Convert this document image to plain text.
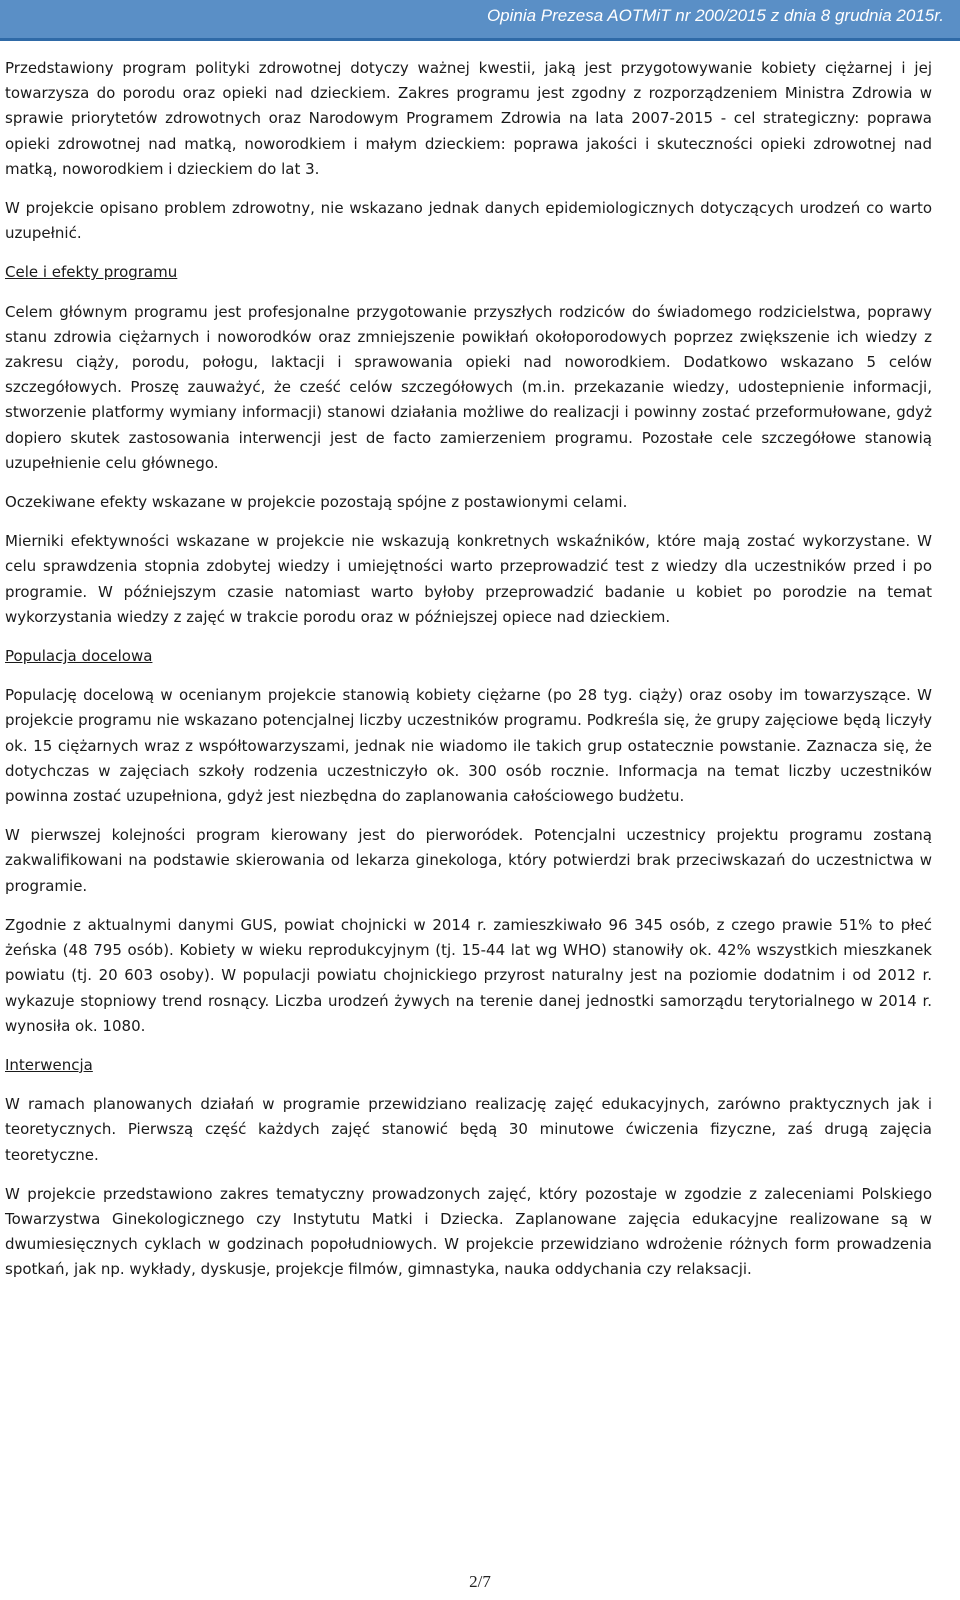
Opinia Prezesa AOTMiT nr 200/2015 z dnia 8 grudnia 2015r.

Przedstawiony program polityki zdrowotnej dotyczy ważnej kwestii, jaką jest przygotowywanie kobiety ciężarnej i jej towarzysza do porodu oraz opieki nad dzieckiem. Zakres programu jest zgodny z rozporządzeniem Ministra Zdrowia w sprawie priorytetów zdrowotnych oraz Narodowym Programem Zdrowia na lata 2007-2015 - cel strategiczny: poprawa opieki zdrowotnej nad matką, noworodkiem i małym dzieckiem: poprawa jakości i skuteczności opieki zdrowotnej nad matką, noworodkiem i dzieckiem do lat 3.

W projekcie opisano problem zdrowotny, nie wskazano jednak danych epidemiologicznych dotyczących urodzeń co warto uzupełnić.

Cele i efekty programu

Celem głównym programu jest profesjonalne przygotowanie przyszłych rodziców do świadomego rodzicielstwa, poprawy stanu zdrowia ciężarnych i noworodków oraz zmniejszenie powikłań okołoporodowych poprzez zwiększenie ich wiedzy z zakresu ciąży, porodu, połogu, laktacji i sprawowania opieki nad noworodkiem. Dodatkowo wskazano 5 celów szczegółowych. Proszę zauważyć, że cześć celów szczegółowych (m.in. przekazanie wiedzy, udostepnienie informacji, stworzenie platformy wymiany informacji) stanowi działania możliwe do realizacji i powinny zostać przeformułowane, gdyż dopiero skutek zastosowania interwencji jest de facto zamierzeniem programu. Pozostałe cele szczegółowe stanowią uzupełnienie celu głównego.

Oczekiwane efekty wskazane w projekcie pozostają spójne z postawionymi celami.

Mierniki efektywności wskazane w projekcie nie wskazują konkretnych wskaźników, które mają zostać wykorzystane. W celu sprawdzenia stopnia zdobytej wiedzy i umiejętności warto przeprowadzić test z wiedzy dla uczestników przed i po programie. W późniejszym czasie natomiast warto byłoby przeprowadzić badanie u kobiet po porodzie na temat wykorzystania wiedzy z zajęć w trakcie porodu oraz w późniejszej opiece nad dzieckiem.

Populacja docelowa

Populację docelową w ocenianym projekcie stanowią kobiety ciężarne (po 28 tyg. ciąży) oraz osoby im towarzyszące. W projekcie programu nie wskazano potencjalnej liczby uczestników programu. Podkreśla się, że grupy zajęciowe będą liczyły ok. 15 ciężarnych wraz z współtowarzyszami, jednak nie wiadomo ile takich grup ostatecznie powstanie. Zaznacza się, że dotychczas w zajęciach szkoły rodzenia uczestniczyło ok. 300 osób rocznie. Informacja na temat liczby uczestników powinna zostać uzupełniona, gdyż jest niezbędna do zaplanowania całościowego budżetu.

W pierwszej kolejności program kierowany jest do pierworódek. Potencjalni uczestnicy projektu programu zostaną zakwalifikowani na podstawie skierowania od lekarza ginekologa, który potwierdzi brak przeciwskazań do uczestnictwa w programie.

Zgodnie z aktualnymi danymi GUS, powiat chojnicki w 2014 r. zamieszkiwało 96 345 osób, z czego prawie 51% to płeć żeńska (48 795 osób). Kobiety w wieku reprodukcyjnym (tj. 15-44 lat wg WHO) stanowiły ok. 42% wszystkich mieszkanek powiatu (tj. 20 603 osoby). W populacji powiatu chojnickiego przyrost naturalny jest na poziomie dodatnim i od 2012 r. wykazuje stopniowy trend rosnący. Liczba urodzeń żywych na terenie danej jednostki samorządu terytorialnego w 2014 r. wynosiła ok. 1080.

Interwencja

W ramach planowanych działań w programie przewidziano realizację zajęć edukacyjnych, zarówno praktycznych jak i teoretycznych. Pierwszą część każdych zajęć stanowić będą 30 minutowe ćwiczenia fizyczne, zaś drugą zajęcia teoretyczne.

W projekcie przedstawiono zakres tematyczny prowadzonych zajęć, który pozostaje w zgodzie z zaleceniami Polskiego Towarzystwa Ginekologicznego czy Instytutu Matki i Dziecka. Zaplanowane zajęcia edukacyjne realizowane są w dwumiesięcznych cyklach w godzinach popołudniowych. W projekcie przewidziano wdrożenie różnych form prowadzenia spotkań, jak np. wykłady, dyskusje, projekcje filmów, gimnastyka, nauka oddychania czy relaksacji.

2/7
